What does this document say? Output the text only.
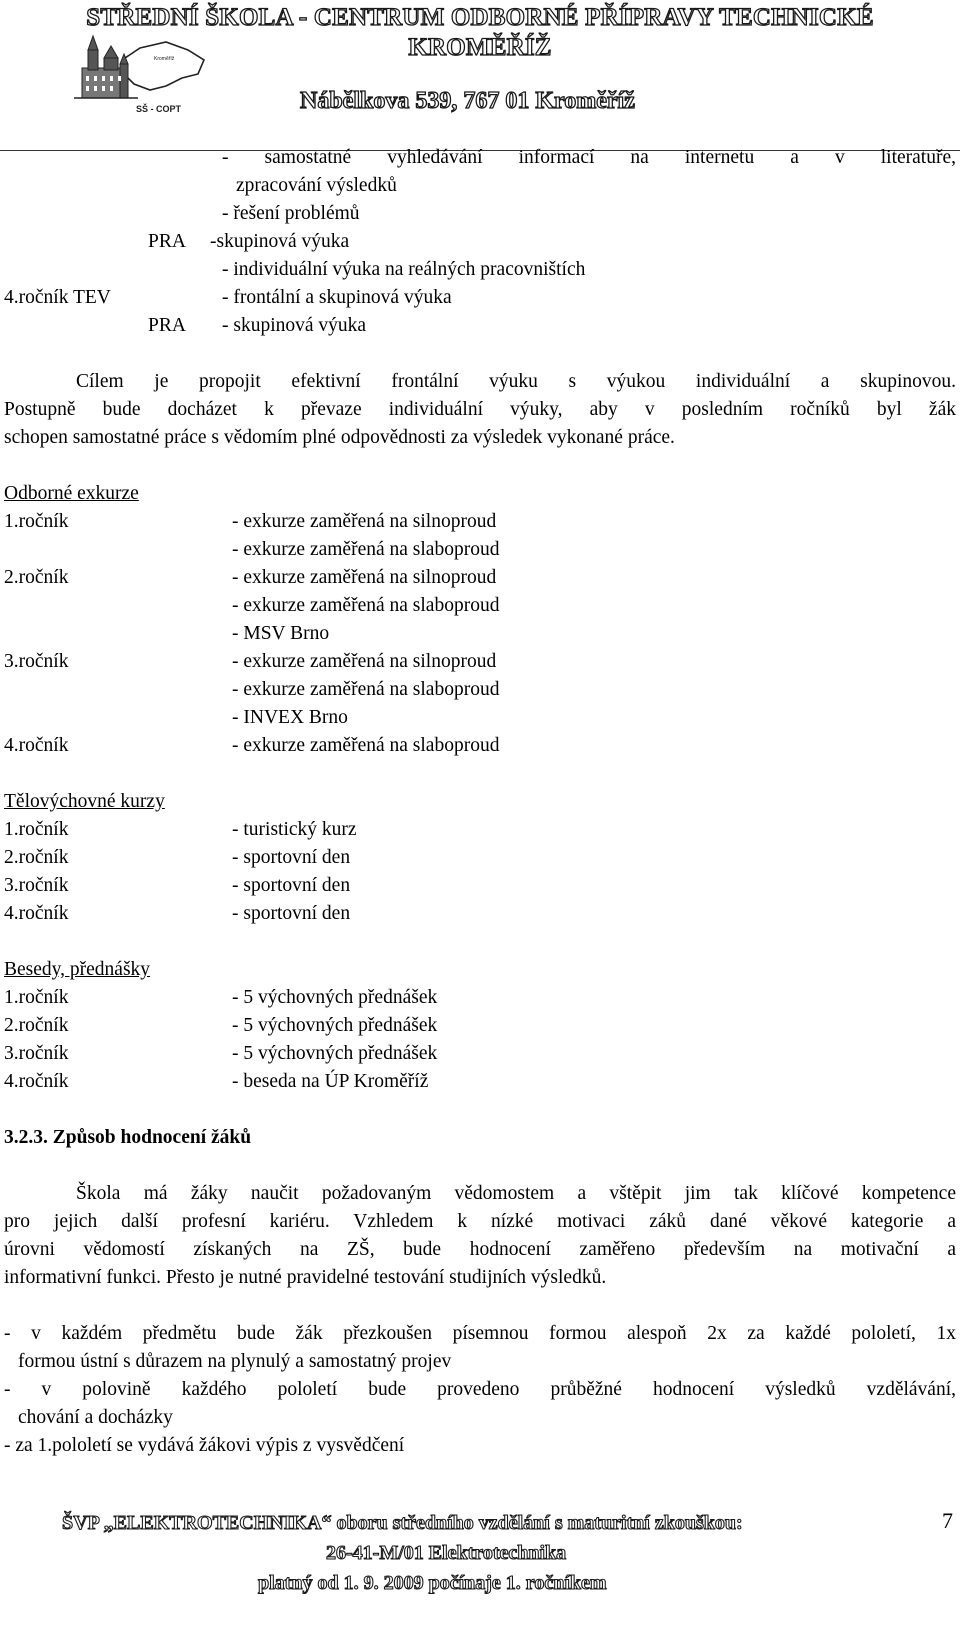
STŘEDNÍ ŠKOLA - CENTRUM ODBORNÉ PŘÍPRAVY TECHNICKÉ
KROMĚŘÍŽ
Kroměříž
SŠ - COPT	Nábělkova 539, 767 01 Kroměříž
- samostatné vyhledávání informací na internetu a v literatuře,
zpracování výsledků
- řešení problémů
PRA -skupinová výuka
- individuální výuka na reálných pracovništích
4.ročník TEV	- frontální a skupinová výuka
PRA - skupinová výuka
Cílem je propojit efektivní frontální výuku s výukou individuální a skupinovou.
Postupně bude docházet k převaze individuální výuky, aby v posledním ročníků byl žák
schopen samostatné práce s vědomím plné odpovědnosti za výsledek vykonané práce.
Odborné exkurze
1.ročník	- exkurze zaměřená na silnoproud
- exkurze zaměřená na slaboproud
2.ročník	- exkurze zaměřená na silnoproud
- exkurze zaměřená na slaboproud
- MSV Brno
3.ročník	- exkurze zaměřená na silnoproud
- exkurze zaměřená na slaboproud
- INVEX Brno
4.ročník	- exkurze zaměřená na slaboproud
Tělovýchovné kurzy
1.ročník	- turistický kurz
2.ročník	- sportovní den
3.ročník	- sportovní den
4.ročník	- sportovní den
Besedy, přednášky
1.ročník	- 5 výchovných přednášek
2.ročník	- 5 výchovných přednášek
3.ročník	- 5 výchovných přednášek
4.ročník	- beseda na ÚP Kroměříž
3.2.3. Způsob hodnocení žáků
Škola má žáky naučit požadovaným vědomostem a vštěpit jim tak klíčové kompetence
pro jejich další profesní kariéru. Vzhledem k nízké motivaci záků dané věkové kategorie a
úrovni vědomostí získaných na ZŠ, bude hodnocení zaměřeno především na motivační a
informativní funkci. Přesto je nutné pravidelné testování studijních výsledků.
- v každém předmětu bude žák přezkoušen písemnou formou alespoň 2x za každé pololetí, 1x
formou ústní s důrazem na plynulý a samostatný projev
- v polovině každého pololetí bude provedeno průběžné hodnocení výsledků vzdělávání,
chování a docházky
- za 1.pololetí se vydává žákovi výpis z vysvědčení
ŠVP „ELEKTROTECHNIKA“ oboru středního vzdělání s maturitní zkouškou:
26-41-M/01 Elektrotechnika
platný od 1. 9. 2009 počínaje 1. ročníkem
7
